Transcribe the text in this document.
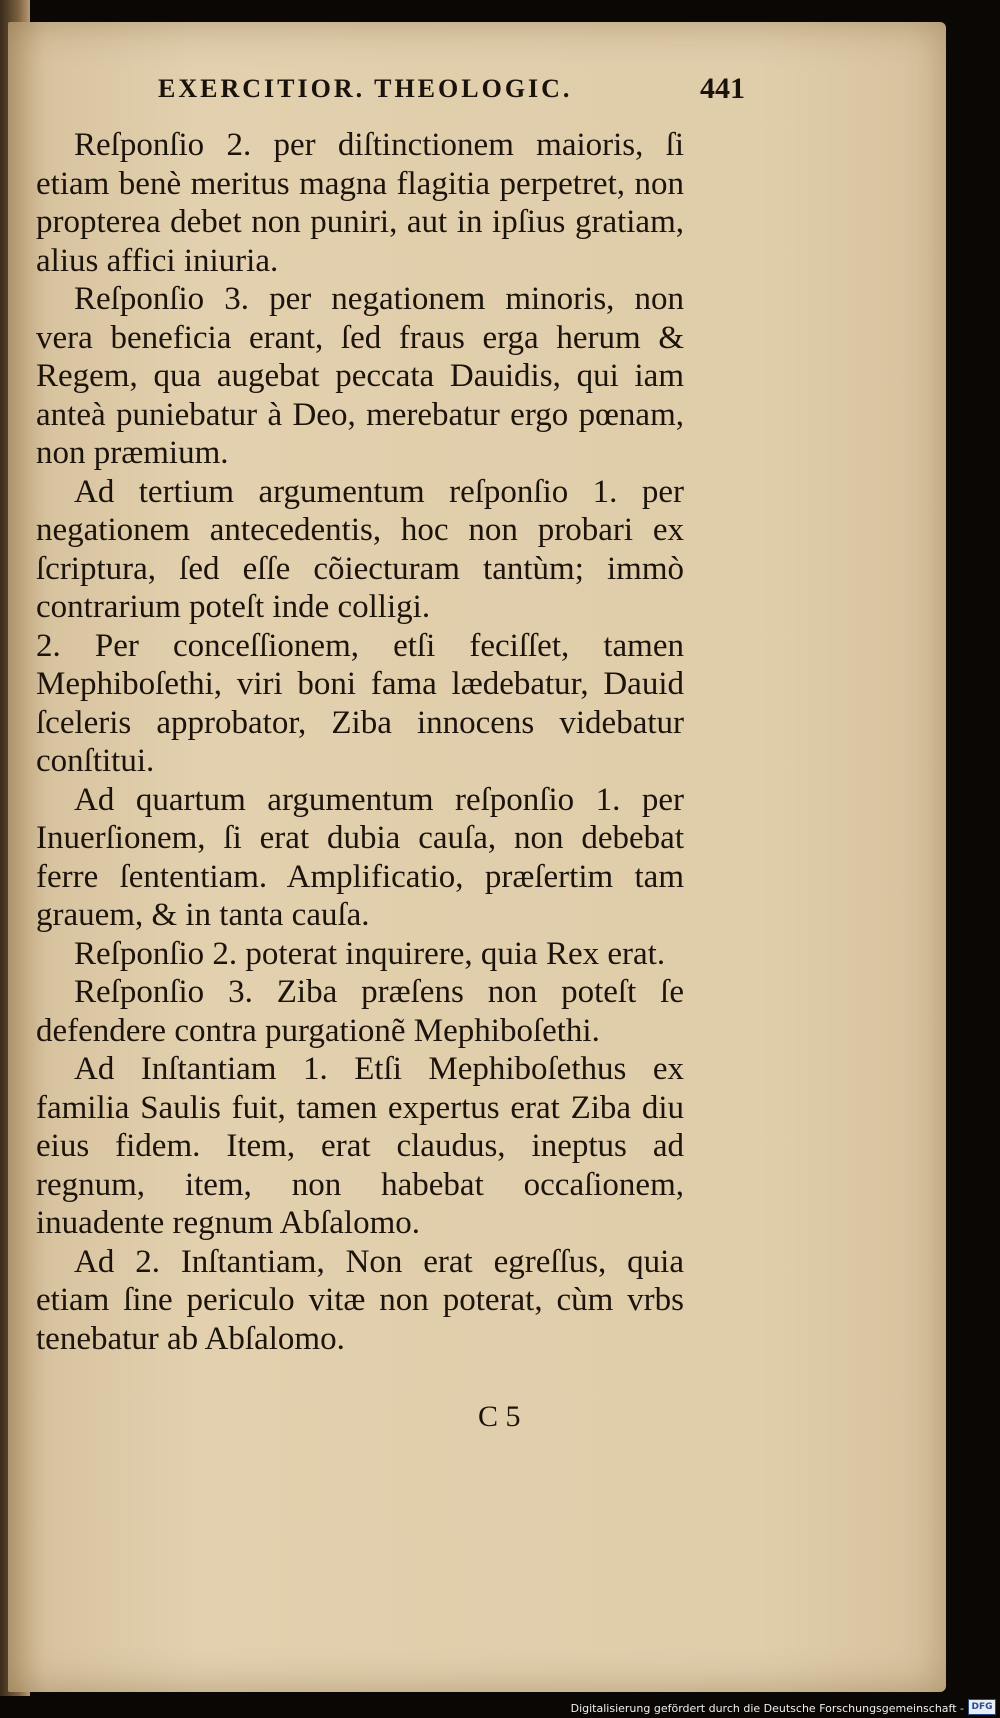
EXERCITIOR. THEOLOGIC.	441

Reſponſio 2. per diſtinctionem maioris, ſi etiam benè meritus magna flagitia perpetret, non propterea debet non puniri, aut in ipſius gratiam, alius affici iniuria.

Reſponſio 3. per negationem minoris, non vera beneficia erant, ſed fraus erga herum & Regem, qua augebat peccata Dauidis, qui iam anteà puniebatur à Deo, merebatur ergo pœnam, non præmium.

Ad tertium argumentum reſponſio 1. per negationem antecedentis, hoc non probari ex ſcriptura, ſed eſſe cõiecturam tantùm; immò contrarium poteſt inde colligi.

2. Per conceſſionem, etſi feciſſet, tamen Mephiboſethi, viri boni fama lædebatur, Dauid ſceleris approbator, Ziba innocens videbatur conſtitui.

Ad quartum argumentum reſponſio 1. per Inuerſionem, ſi erat dubia cauſa, non debebat ferre ſententiam. Amplificatio, præſertim tam grauem, & in tanta cauſa.

Reſponſio 2. poterat inquirere, quia Rex erat.

Reſponſio 3. Ziba præſens non poteſt ſe defendere contra purgationẽ Mephiboſethi.

Ad Inſtantiam 1. Etſi Mephiboſethus ex familia Saulis fuit, tamen expertus erat Ziba diu eius fidem. Item, erat claudus, ineptus ad regnum, item, non habebat occaſionem, inuadente regnum Abſalomo.

Ad 2. Inſtantiam, Non erat egreſſus, quia etiam ſine periculo vitæ non poterat, cùm vrbs tenebatur ab Abſalomo.

C 5
Digitalisierung gefördert durch die Deutsche Forschungsgemeinschaft - DFG
